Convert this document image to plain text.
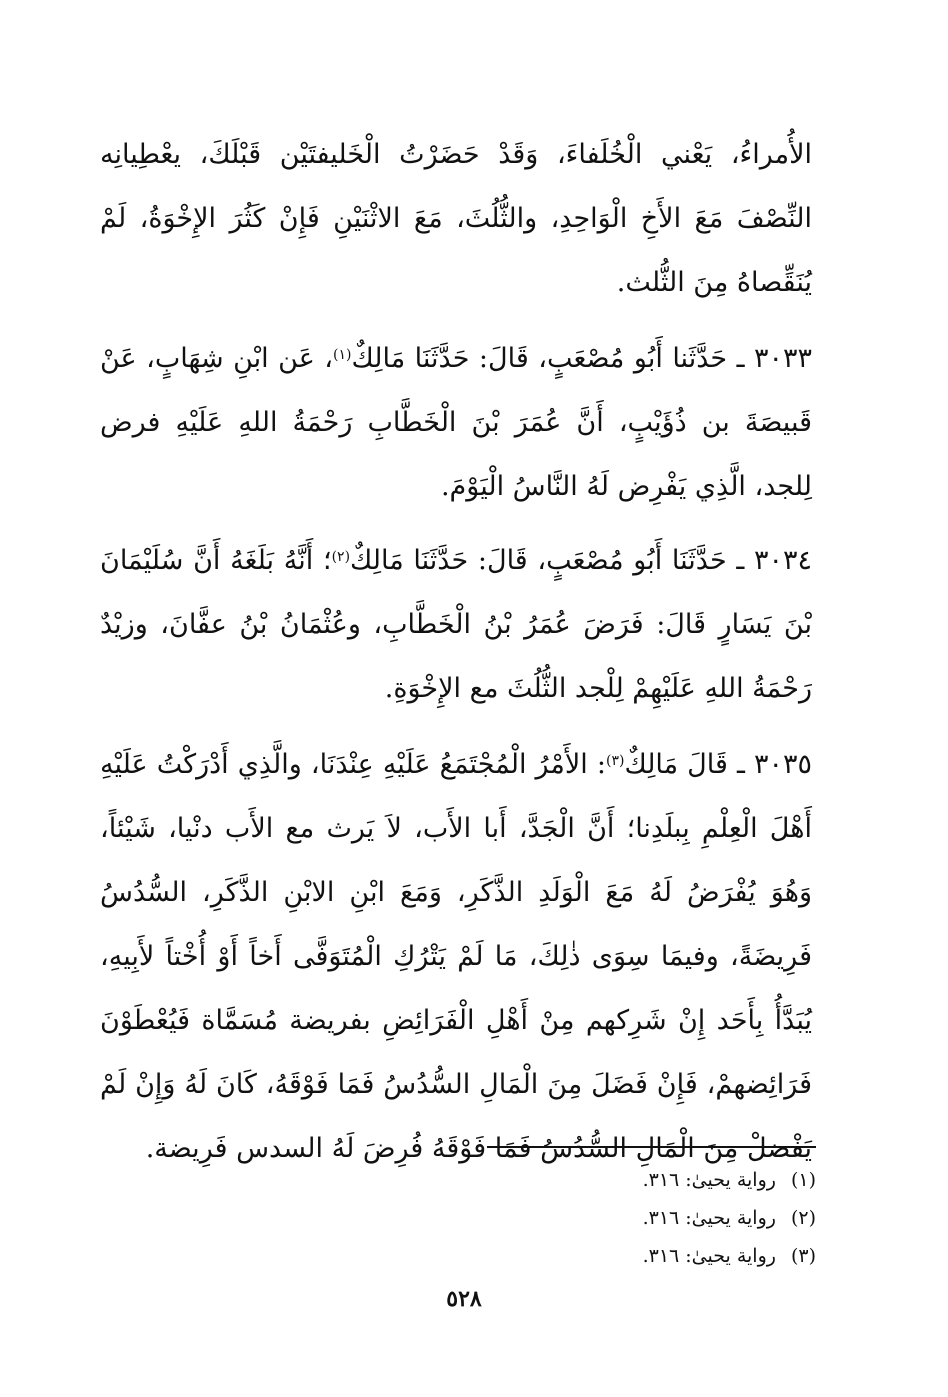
الأُمراءُ، يَعْني الْخُلَفاءَ، وَقَدْ حَضَرْتُ الْخَليفتَيْن قَبْلَكَ، يعْطِيانِه النِّصْفَ مَعَ الأَخِ الْوَاحِدِ، والثُّلُثَ، مَعَ الاثْنَيْنِ فَإِنْ كَثُرَ الإِخْوَةُ، لَمْ يُنَقِّصاهُ مِنَ الثُّلث.

٣٠٣٣ ـ حَدَّثَنا أَبُو مُصْعَبٍ، قَالَ: حَدَّثَنَا مَالِكٌ$^{(١)}$، عَن ابْنِ شِهَابٍ، عَنْ قَبيصَةَ بن ذُؤَيْبٍ، أَنَّ عُمَرَ بْنَ الْخَطَّابِ رَحْمَةُ اللهِ عَلَيْهِ فرض لِلجد، الَّذِي يَفْرِض لَهُ النَّاسُ الْيَوْمَ.

٣٠٣٤ ـ حَدَّثَنَا أَبُو مُصْعَبٍ، قَالَ: حَدَّثَنَا مَالِكٌ$^{(٢)}$؛ أَنَّهُ بَلَغَهُ أَنَّ سُلَيْمَانَ بْنَ يَسَارٍ قَالَ: فَرَضَ عُمَرُ بْنُ الْخَطَّابِ، وعُثْمَانُ بْنُ عفَّانَ، وزيْدٌ رَحْمَةُ اللهِ عَلَيْهِمْ لِلْجد الثُّلُثَ مع الإِخْوَةِ.

٣٠٣٥ ـ قَالَ مَالِكٌ$^{(٣)}$: الأَمْرُ الْمُجْتَمَعُ عَلَيْهِ عِنْدَنَا، والَّذِي أَدْرَكْتُ عَلَيْهِ أَهْلَ الْعِلْمِ بِبلَدِنا؛ أَنَّ الْجَدَّ، أَبا الأَب، لاَ يَرث مع الأَب دنْيا، شَيْئاً، وَهُوَ يُفْرَضُ لَهُ مَعَ الْوَلَدِ الذَّكَرِ، وَمَعَ ابْنِ الابْنِ الذَّكَرِ، السُّدُسُ فَرِيضَةً، وفيمَا سِوَى ذٰلِكَ، مَا لَمْ يَتْرُكِ الْمُتَوَفَّى أَخاً أَوْ أُخْتاً لأَبِيهِ، يُبَدَّأُ بِأَحَد إِنْ شَرِكهم مِنْ أَهْلِ الْفَرَائِضِ بفريضة مُسَمَّاة فَيُعْطَوْنَ فَرَائِضهمْ، فَإِنْ فَضَلَ مِنَ الْمَالِ السُّدُسُ فَمَا فَوْقَهُ، كَانَ لَهُ وَإِنْ لَمْ يَفْضلْ مِنَ الْمَالِ السُّدُسُ فَمَا فَوْقَهُ فُرِضَ لَهُ السدس فَرِيضة.

(١) رواية يحيىٰ: ٣١٦.
(٢) رواية يحيىٰ: ٣١٦.
(٣) رواية يحيىٰ: ٣١٦.
٥٢٨
